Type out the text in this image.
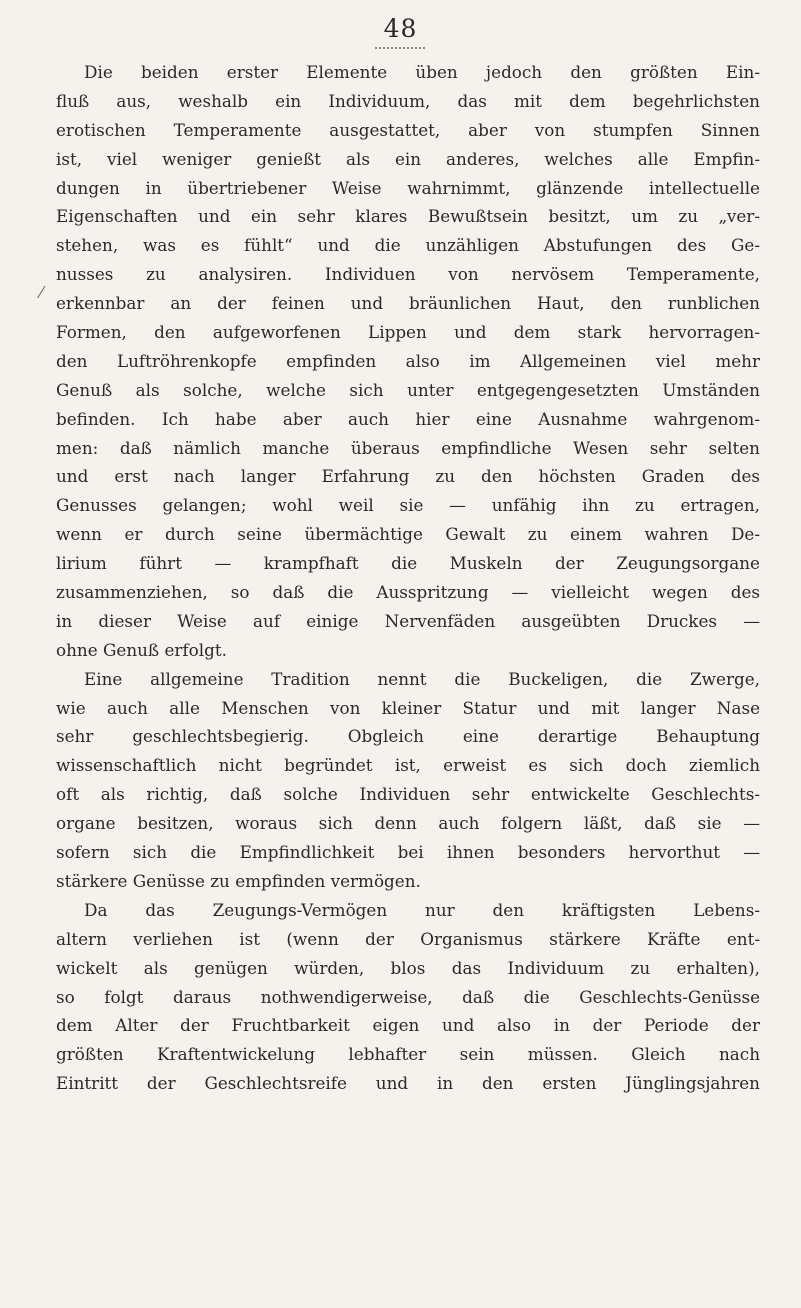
48
⁄
Die beiden erster Elemente üben jedoch den größten Ein-
fluß aus, weshalb ein Individuum, das mit dem begehrlichsten
erotischen Temperamente ausgestattet, aber von stumpfen Sinnen
ist, viel weniger genießt als ein anderes, welches alle Empfin-
dungen in übertriebener Weise wahrnimmt, glänzende intellectuelle
Eigenschaften und ein sehr klares Bewußtsein besitzt, um zu „ver-
stehen, was es fühlt“ und die unzähligen Abstufungen des Ge-
nusses zu analysiren. Individuen von nervösem Temperamente,
erkennbar an der feinen und bräunlichen Haut, den runblichen
Formen, den aufgeworfenen Lippen und dem stark hervorragen-
den Luftröhrenkopfe empfinden also im Allgemeinen viel mehr
Genuß als solche, welche sich unter entgegengesetzten Umständen
befinden. Ich habe aber auch hier eine Ausnahme wahrgenom-
men: daß nämlich manche überaus empfindliche Wesen sehr selten
und erst nach langer Erfahrung zu den höchsten Graden des
Genusses gelangen; wohl weil sie — unfähig ihn zu ertragen,
wenn er durch seine übermächtige Gewalt zu einem wahren De-
lirium führt — krampfhaft die Muskeln der Zeugungsorgane
zusammenziehen, so daß die Ausspritzung — vielleicht wegen des
in dieser Weise auf einige Nervenfäden ausgeübten Druckes —
ohne Genuß erfolgt.
Eine allgemeine Tradition nennt die Buckeligen, die Zwerge,
wie auch alle Menschen von kleiner Statur und mit langer Nase
sehr geschlechtsbegierig. Obgleich eine derartige Behauptung
wissenschaftlich nicht begründet ist, erweist es sich doch ziemlich
oft als richtig, daß solche Individuen sehr entwickelte Geschlechts-
organe besitzen, woraus sich denn auch folgern läßt, daß sie —
sofern sich die Empfindlichkeit bei ihnen besonders hervorthut —
stärkere Genüsse zu empfinden vermögen.
Da das Zeugungs-Vermögen nur den kräftigsten Lebens-
altern verliehen ist (wenn der Organismus stärkere Kräfte ent-
wickelt als genügen würden, blos das Individuum zu erhalten),
so folgt daraus nothwendigerweise, daß die Geschlechts-Genüsse
dem Alter der Fruchtbarkeit eigen und also in der Periode der
größten Kraftentwickelung lebhafter sein müssen. Gleich nach
Eintritt der Geschlechtsreife und in den ersten Jünglingsjahren
